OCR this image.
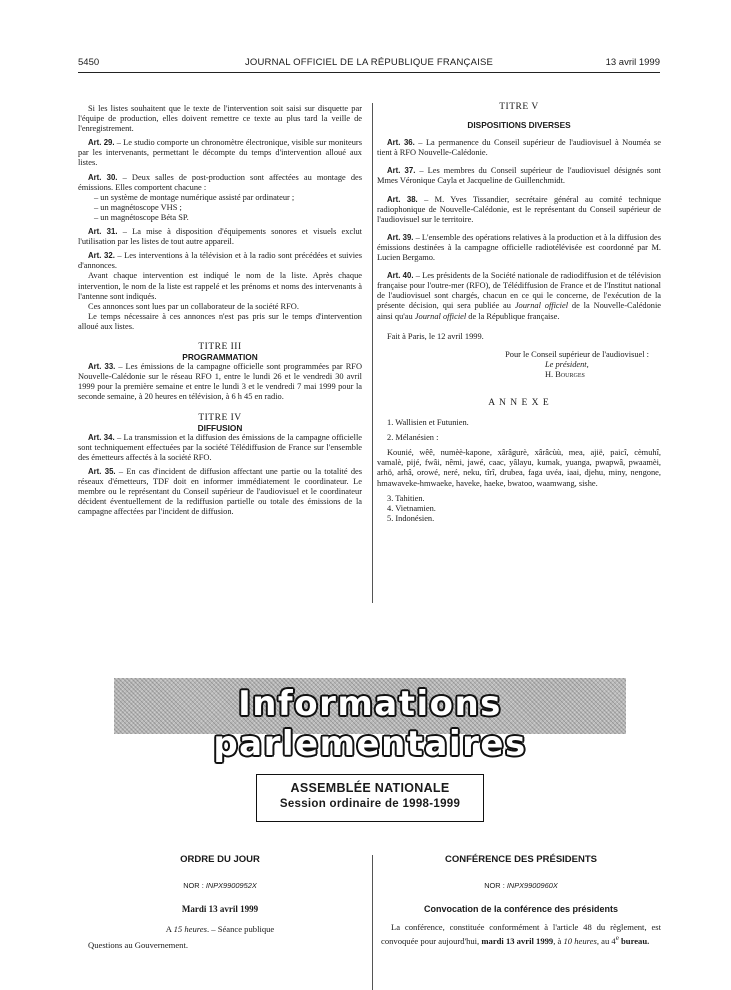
5450	JOURNAL OFFICIEL DE LA RÉPUBLIQUE FRANÇAISE	13 avril 1999

Si les listes souhaitent que le texte de l'intervention soit saisi sur disquette par l'équipe de production, elles doivent remettre ce texte au plus tard la veille de l'enregistrement.

Art. 29. – Le studio comporte un chronomètre électronique, visible sur moniteurs par les intervenants, permettant le décompte du temps d'intervention alloué aux listes.

Art. 30. – Deux salles de post-production sont affectées au montage des émissions. Elles comportent chacune :

– un système de montage numérique assisté par ordinateur ;

– un magnétoscope VHS ;

– un magnétoscope Béta SP.

Art. 31. – La mise à disposition d'équipements sonores et visuels exclut l'utilisation par les listes de tout autre appareil.

Art. 32. – Les interventions à la télévision et à la radio sont précédées et suivies d'annonces.

Avant chaque intervention est indiqué le nom de la liste. Après chaque intervention, le nom de la liste est rappelé et les prénoms et noms des intervenants à l'antenne sont indiqués.

Ces annonces sont lues par un collaborateur de la société RFO.

Le temps nécessaire à ces annonces n'est pas pris sur le temps d'intervention alloué aux listes.

TITRE III

PROGRAMMATION

Art. 33. – Les émissions de la campagne officielle sont programmées par RFO Nouvelle-Calédonie sur le réseau RFO 1, entre le lundi 26 et le vendredi 30 avril 1999 pour la première semaine et entre le lundi 3 et le vendredi 7 mai 1999 pour la seconde semaine, à 20 heures en télévision, à 6 h 45 en radio.

TITRE IV

DIFFUSION

Art. 34. – La transmission et la diffusion des émissions de la campagne officielle sont techniquement effectuées par la société Télédiffusion de France sur l'ensemble des émetteurs affectés à la société RFO.

Art. 35. – En cas d'incident de diffusion affectant une partie ou la totalité des réseaux d'émetteurs, TDF doit en informer immédiatement le coordinateur. Le membre ou le représentant du Conseil supérieur de l'audiovisuel et le coordinateur décident éventuellement de la rediffusion partielle ou totale des émissions de la campagne affectées par l'incident de diffusion.

TITRE V

DISPOSITIONS DIVERSES

Art. 36. – La permanence du Conseil supérieur de l'audiovisuel à Nouméa se tient à RFO Nouvelle-Calédonie.

Art. 37. – Les membres du Conseil supérieur de l'audiovisuel désignés sont Mmes Véronique Cayla et Jacqueline de Guillenchmidt.

Art. 38. – M. Yves Tissandier, secrétaire général au comité technique radiophonique de Nouvelle-Calédonie, est le représentant du Conseil supérieur de l'audiovisuel sur le territoire.

Art. 39. – L'ensemble des opérations relatives à la production et à la diffusion des émissions destinées à la campagne officielle radiotélévisée est coordonné par M. Lucien Bergamo.

Art. 40. – Les présidents de la Société nationale de radiodiffusion et de télévision française pour l'outre-mer (RFO), de Télédiffusion de France et de l'Institut national de l'audiovisuel sont chargés, chacun en ce qui le concerne, de l'exécution de la présente décision, qui sera publiée au Journal officiel de la Nouvelle-Calédonie ainsi qu'au Journal officiel de la République française.

Fait à Paris, le 12 avril 1999.

Pour le Conseil supérieur de l'audiovisuel :

Le président,

H. Bourges

A N N E X E

1. Wallisien et Futunien.

2. Mélanésien :

Kounié, wêê, numèè-kapone, xârâgurè, xârâcùù, mea, ajië, paicî, cèmuhî, vamalè, pijé, fwâi, nêmi, jawé, caac, yâlayu, kumak, yuanga, pwapwâ, pwaamèi, arhö, arhâ, orowé, neré, neku, tîrî, drubea, faga uvéa, iaai, djehu, miny, nengone, hmawaveke-hmwaeke, haveke, haeke, bwatoo, waamwang, sishe.

3. Tahitien.

4. Vietnamien.

5. Indonésien.

Informations parlementaires
ASSEMBLÉE NATIONALE
Session ordinaire de 1998-1999
ORDRE DU JOUR
NOR : INPX9900952X
Mardi 13 avril 1999
A 15 heures. – Séance publique
Questions au Gouvernement.
CONFÉRENCE DES PRÉSIDENTS
NOR : INPX9900960X
Convocation de la conférence des présidents
La conférence, constituée conformément à l'article 48 du règlement, est convoquée pour aujourd'hui, mardi 13 avril 1999, à 10 heures, au 4e bureau.
